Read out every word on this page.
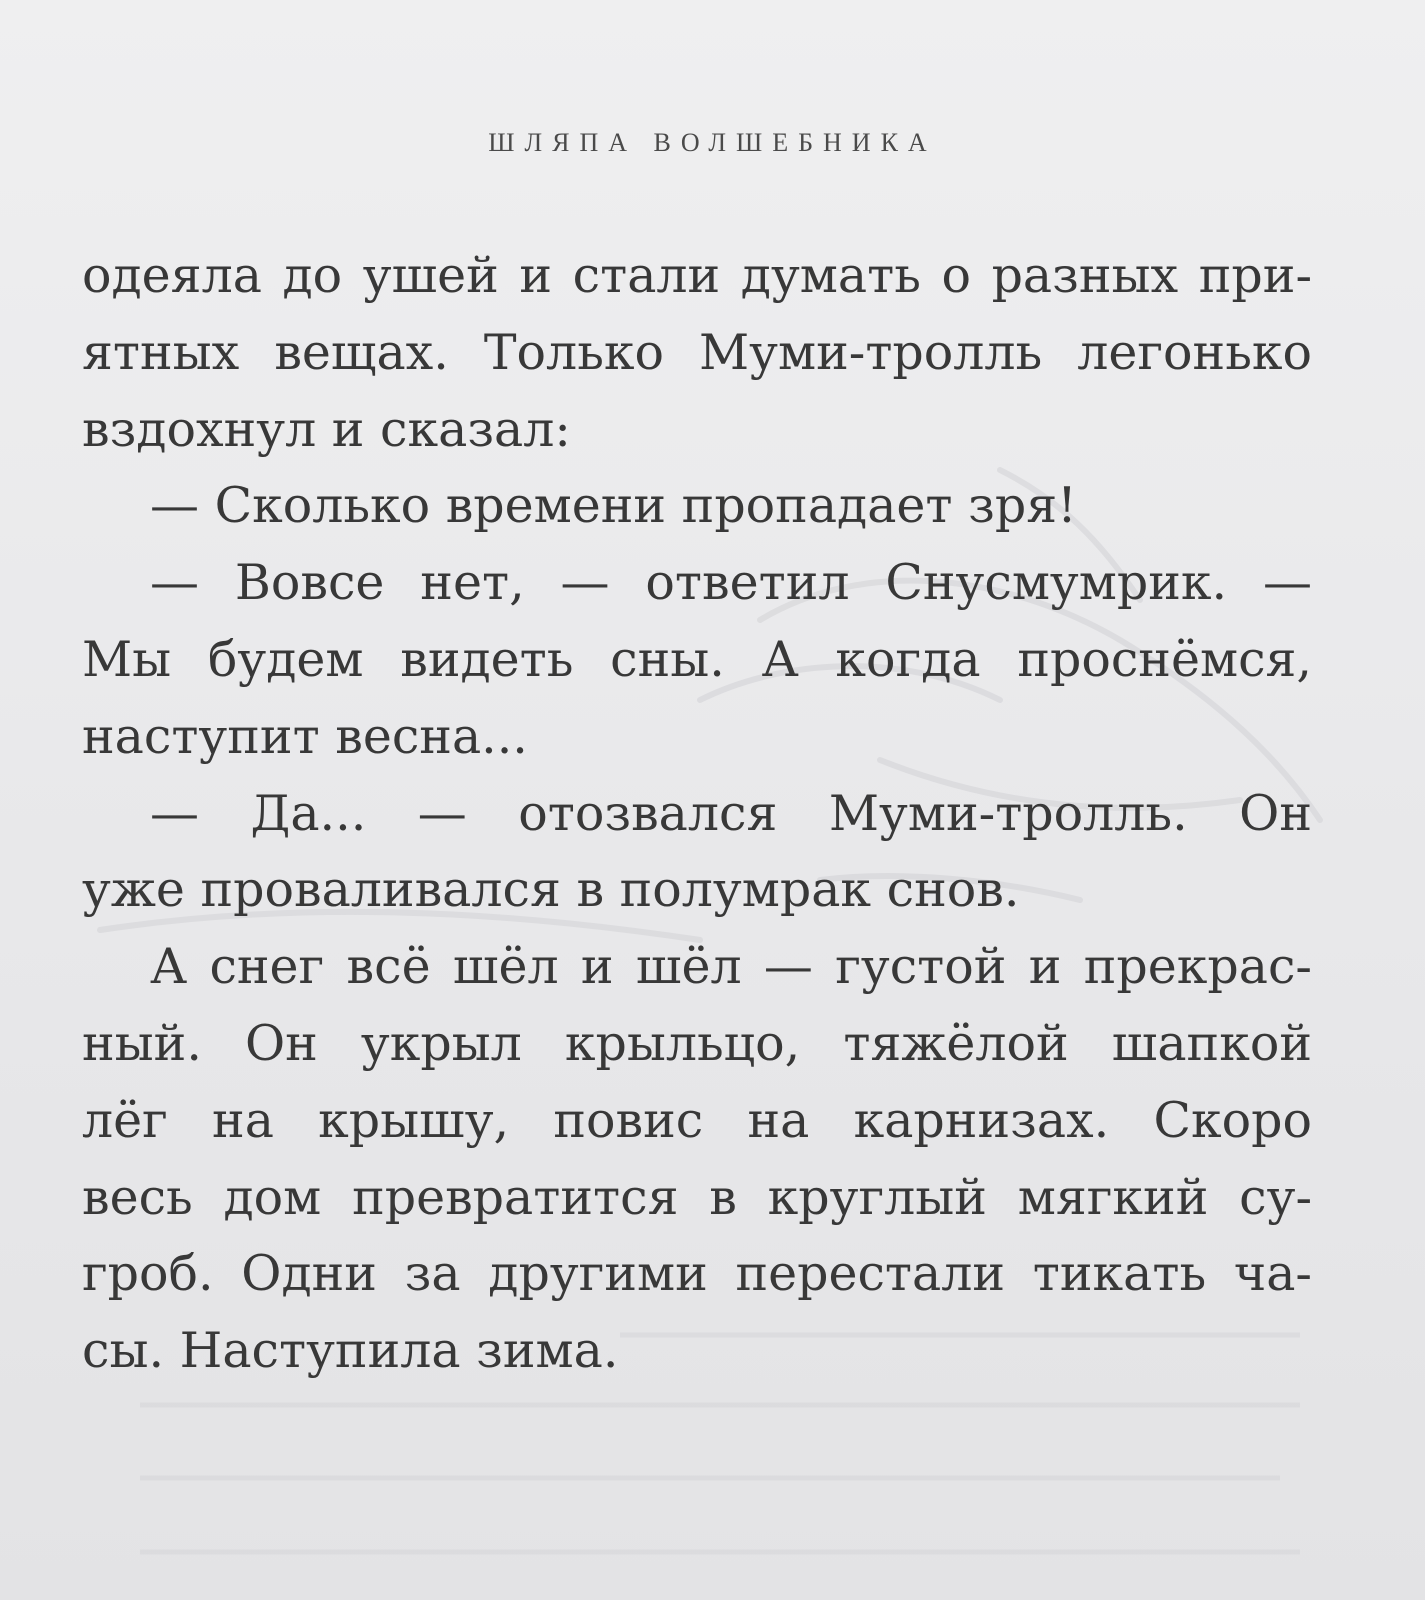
ШЛЯПА ВОЛШЕБНИКА
одеяла до ушей и стали думать о разных при-
ятных вещах. Только Муми-тролль легонько
вздохнул и сказал:
— Сколько времени пропадает зря!
— Вовсе нет, — ответил Снусмумрик. —
Мы будем видеть сны. А когда проснёмся,
наступит весна...
— Да... — отозвался Муми-тролль. Он
уже проваливался в полумрак снов.
А снег всё шёл и шёл — густой и прекрас-
ный. Он укрыл крыльцо, тяжёлой шапкой
лёг на крышу, повис на карнизах. Скоро
весь дом превратится в круглый мягкий су-
гроб. Одни за другими перестали тикать ча-
сы. Наступила зима.
